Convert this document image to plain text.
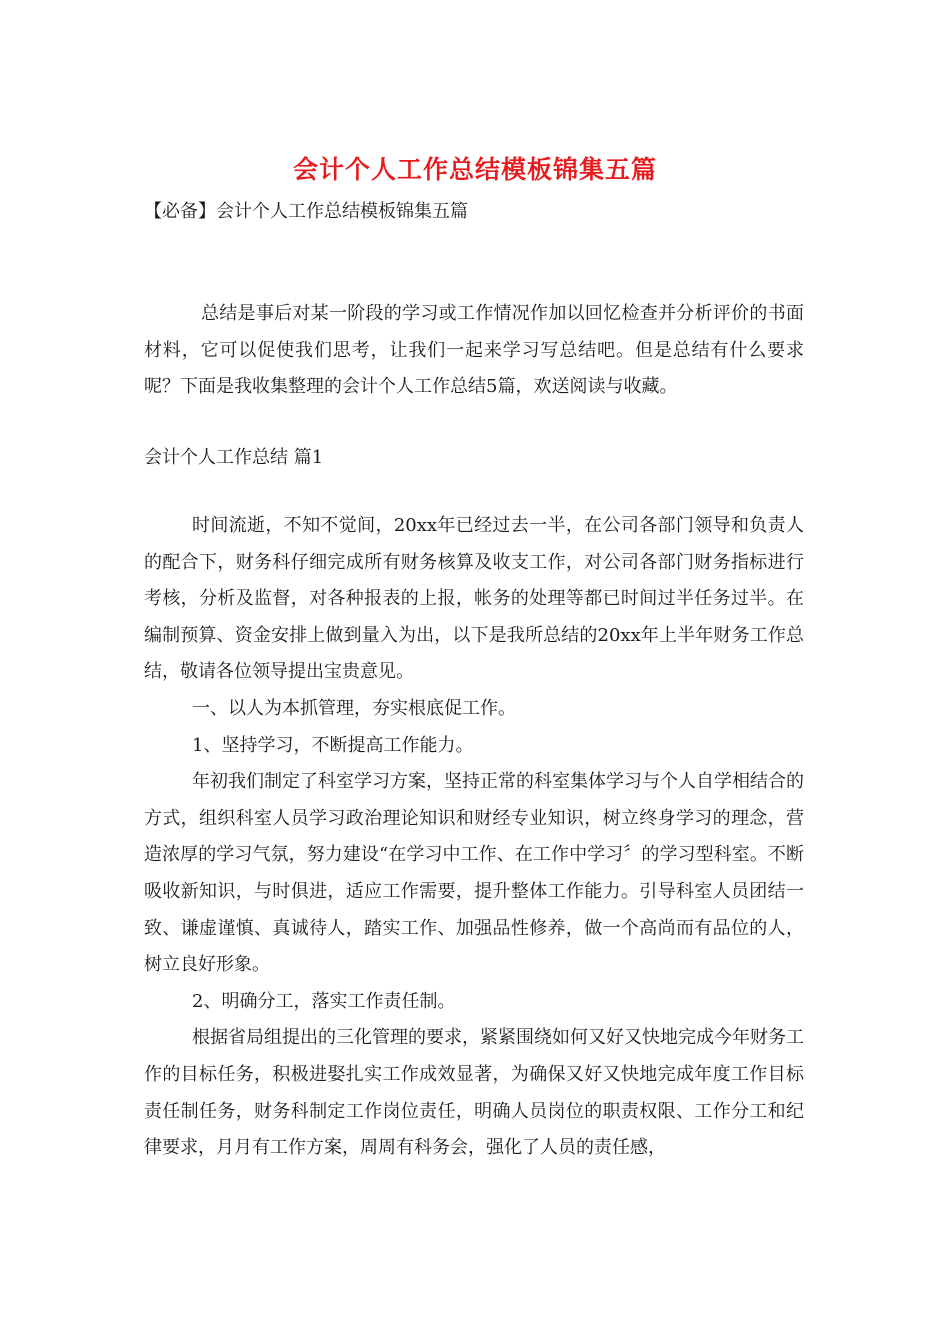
会计个人工作总结模板锦集五篇
【必备】会计个人工作总结模板锦集五篇

总结是事后对某一阶段的学习或工作情况作加以回忆检查并分析评价的书面材料，它可以促使我们思考，让我们一起来学习写总结吧。但是总结有什么要求呢？下面是我收集整理的会计个人工作总结5篇，欢送阅读与收藏。

会计个人工作总结 篇1

时间流逝，不知不觉间，20xx年已经过去一半，在公司各部门领导和负责人的配合下，财务科仔细完成所有财务核算及收支工作，对公司各部门财务指标进行考核，分析及监督，对各种报表的上报，帐务的处理等都已时间过半任务过半。在编制预算、资金安排上做到量入为出，以下是我所总结的20xx年上半年财务工作总结，敬请各位领导提出宝贵意见。

一、以人为本抓管理，夯实根底促工作。

1、坚持学习，不断提高工作能力。

年初我们制定了科室学习方案，坚持正常的科室集体学习与个人自学相结合的方式，组织科室人员学习政治理论知识和财经专业知识，树立终身学习的理念，营造浓厚的学习气氛，努力建设“在学习中工作、在工作中学习〞的学习型科室。不断吸收新知识，与时俱进，适应工作需要，提升整体工作能力。引导科室人员团结一致、谦虚谨慎、真诚待人，踏实工作、加强品性修养，做一个高尚而有品位的人，树立良好形象。

2、明确分工，落实工作责任制。

根据省局组提出的三化管理的要求，紧紧围绕如何又好又快地完成今年财务工作的目标任务，积极进娶扎实工作成效显著，为确保又好又快地完成年度工作目标责任制任务，财务科制定工作岗位责任，明确人员岗位的职责权限、工作分工和纪律要求，月月有工作方案，周周有科务会，强化了人员的责任感，
